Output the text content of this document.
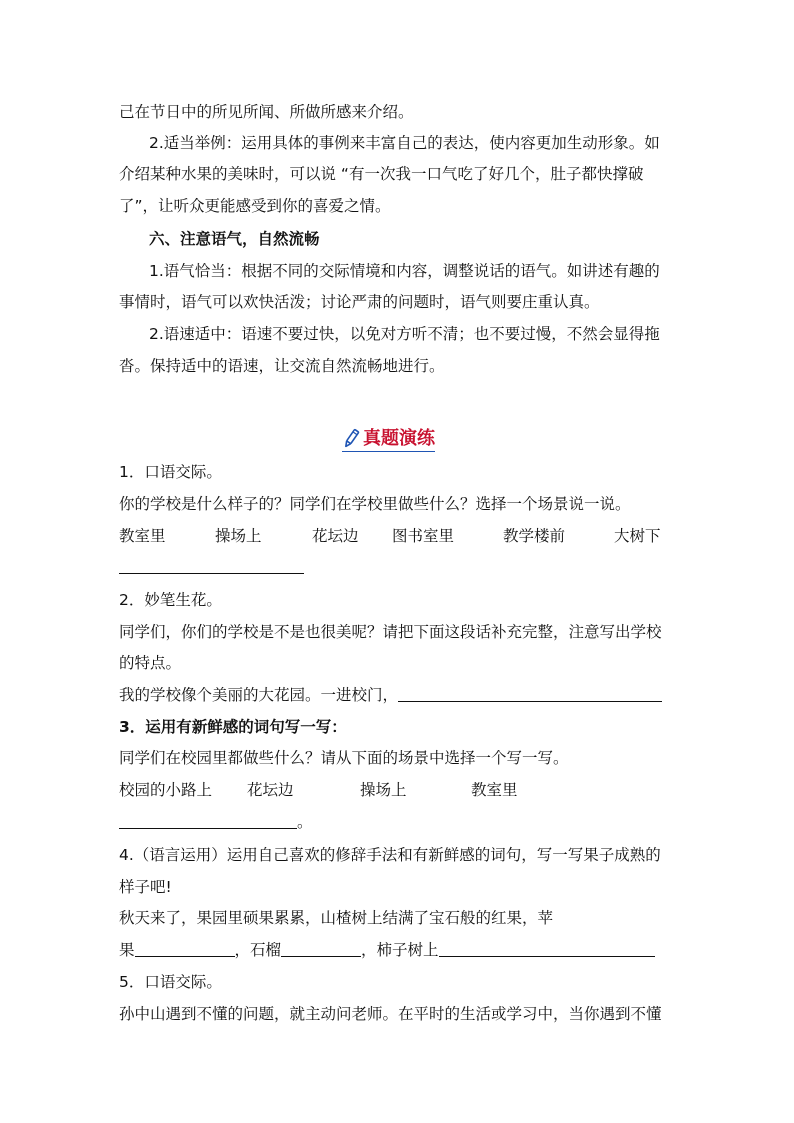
己在节日中的所见所闻、所做所感来介绍。
2.适当举例：运用具体的事例来丰富自己的表达，使内容更加生动形象。如
介绍某种水果的美味时，可以说 “有一次我一口气吃了好几个，肚子都快撑破
了”，让听众更能感受到你的喜爱之情。
六、注意语气，自然流畅
1.语气恰当：根据不同的交际情境和内容，调整说话的语气。如讲述有趣的
事情时，语气可以欢快活泼；讨论严肃的问题时，语气则要庄重认真。
2.语速适中：语速不要过快，以免对方听不清；也不要过慢，不然会显得拖
沓。保持适中的语速，让交流自然流畅地进行。
真题演练
1．口语交际。
你的学校是什么样子的？同学们在学校里做些什么？选择一个场景说一说。
教室里	操场上	花坛边 图书室里	教学楼前	大树下
2．妙笔生花。
同学们，你们的学校是不是也很美呢？请把下面这段话补充完整，注意写出学校
的特点。
我的学校像个美丽的大花园。一进校门，
3．运用有新鲜感的词句写一写：
同学们在校园里都做些什么？请从下面的场景中选择一个写一写。
校园的小路上 花坛边	操场上	教室里
。
4.（语言运用）运用自己喜欢的修辞手法和有新鲜感的词句，写一写果子成熟的
样子吧!
秋天来了，果园里硕果累累，山楂树上结满了宝石般的红果，苹
果	，石榴	，柿子树上
5．口语交际。
孙中山遇到不懂的问题，就主动问老师。在平时的生活或学习中，当你遇到不懂
